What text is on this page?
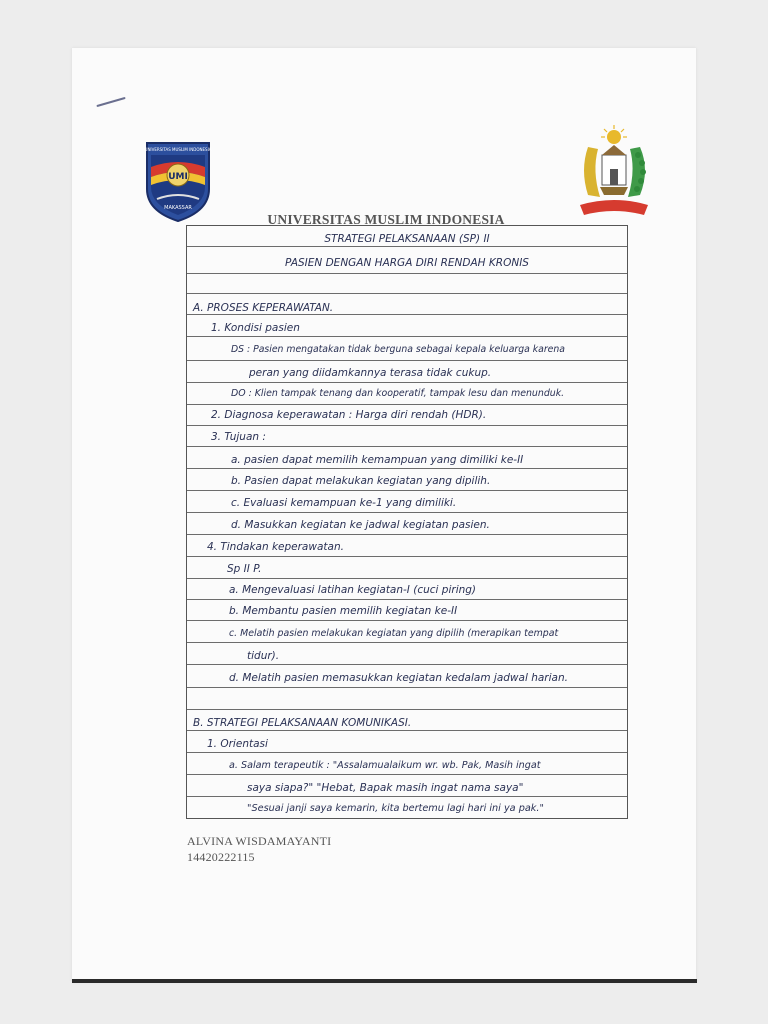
UNIVERSITAS MUSLIM INDONESIA
UMI
MAKASSAR
UNIVERSITAS MUSLIM INDONESIA
STRATEGI PELAKSANAAN (SP) II
PASIEN DENGAN HARGA DIRI RENDAH KRONIS
A. PROSES KEPERAWATAN.
1. Kondisi pasien
DS : Pasien mengatakan tidak berguna sebagai kepala keluarga karena
peran yang diidamkannya terasa tidak cukup.
DO : Klien tampak tenang dan kooperatif, tampak lesu dan menunduk.
2. Diagnosa keperawatan : Harga diri rendah (HDR).
3. Tujuan :
a. pasien dapat memilih kemampuan yang dimiliki ke-II
b. Pasien dapat melakukan kegiatan yang dipilih.
c. Evaluasi kemampuan ke-1 yang dimiliki.
d. Masukkan kegiatan ke jadwal kegiatan pasien.
4. Tindakan keperawatan.
Sp II P.
a. Mengevaluasi latihan kegiatan-I (cuci piring)
b. Membantu pasien memilih kegiatan ke-II
c. Melatih pasien melakukan kegiatan yang dipilih (merapikan tempat
tidur).
d. Melatih pasien memasukkan kegiatan kedalam jadwal harian.
B. STRATEGI PELAKSANAAN KOMUNIKASI.
1. Orientasi
a. Salam terapeutik : "Assalamualaikum wr. wb. Pak, Masih ingat
saya siapa?" "Hebat, Bapak masih ingat nama saya"
"Sesuai janji saya kemarin, kita bertemu lagi hari ini ya pak."
ALVINA WISDAMAYANTI
14420222115
